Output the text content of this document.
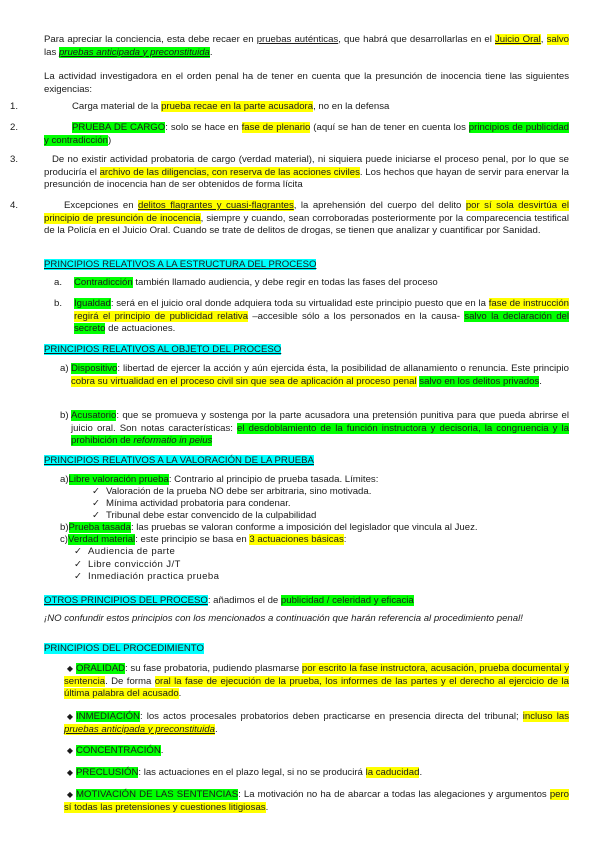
Para apreciar la conciencia, esta debe recaer en pruebas auténticas, que habrá que desarrollarlas en el Juicio Oral, salvo las pruebas anticipada y preconstituida.
La actividad investigadora en el orden penal ha de tener en cuenta que la presunción de inocencia tiene las siguientes exigencias:
1.	Carga material de la prueba recae en la parte acusadora, no en la defensa
2.	PRUEBA DE CARGO: solo se hace en fase de plenario (aquí se han de tener en cuenta los principios de publicidad y contradicción)
3.	De no existir actividad probatoria de cargo (verdad material), ni siquiera puede iniciarse el proceso penal, por lo que se produciría el archivo de las diligencias, con reserva de las acciones civiles. Los hechos que hayan de servir para enervar la presunción de inocencia han de ser obtenidos de forma lícita
4.	Excepciones en delitos flagrantes y cuasi-flagrantes, la aprehensión del cuerpo del delito por sí sola desvirtúa el principio de presunción de inocencia, siempre y cuando, sean corroboradas posteriormente por la comparecencia testifical de la Policía en el Juicio Oral. Cuando se trate de delitos de drogas, se tienen que analizar y cuantificar por Sanidad.
PRINCIPIOS RELATIVOS A LA ESTRUCTURA DEL PROCESO
a. Contradicción también llamado audiencia, y debe regir en todas las fases del proceso
b. Igualdad: será en el juicio oral donde adquiera toda su virtualidad este principio puesto que en la fase de instrucción regirá el principio de publicidad relativa –accesible sólo a los personados en la causa- salvo la declaración del secreto de actuaciones.
PRINCIPIOS RELATIVOS AL OBJETO DEL PROCESO
a) Dispositivo: libertad de ejercer la acción y aún ejercida ésta, la posibilidad de allanamiento o renuncia. Este principio cobra su virtualidad en el proceso civil sin que sea de aplicación al proceso penal salvo en los delitos privados.
b) Acusatorio: que se promueva y sostenga por la parte acusadora una pretensión punitiva para que pueda abrirse el juicio oral. Son notas características: el desdoblamiento de la función instructora y decisoria, la congruencia y la prohibición de reformatio in peius
PRINCIPIOS RELATIVOS A LA VALORACIÓN DE LA PRUEBA
a)Libre valoración prueba: Contrario al principio de prueba tasada. Límites:
✓ Valoración de la prueba NO debe ser arbitraria, sino motivada.
✓ Mínima actividad probatoria para condenar.
✓ Tribunal debe estar convencido de la culpabilidad
b)Prueba tasada: las pruebas se valoran conforme a imposición del legislador que vincula al Juez.
c)Verdad material: este principio se basa en 3 actuaciones básicas:
✓ Audiencia de parte
✓ Libre convicción J/T
✓ Inmediación practica prueba
OTROS PRINCIPIOS DEL PROCESO: añadimos el de publicidad / celeridad y eficacia
¡NO confundir estos principios con los mencionados a continuación que harán referencia al procedimiento penal!
PRINCIPIOS DEL PROCEDIMIENTO
◆ ORALIDAD: su fase probatoria, pudiendo plasmarse por escrito la fase instructora, acusación, prueba documental y sentencia. De forma oral la fase de ejecución de la prueba, los informes de las partes y el derecho al ejercicio de la última palabra del acusado.
◆ INMEDIACIÓN: los actos procesales probatorios deben practicarse en presencia directa del tribunal; incluso las pruebas anticipada y preconstituida.
◆ CONCENTRACIÓN.
◆ PRECLUSIÓN: las actuaciones en el plazo legal, si no se producirá la caducidad.
◆ MOTIVACIÓN DE LAS SENTENCIAS: La motivación no ha de abarcar a todas las alegaciones y argumentos pero sí todas las pretensiones y cuestiones litigiosas.
